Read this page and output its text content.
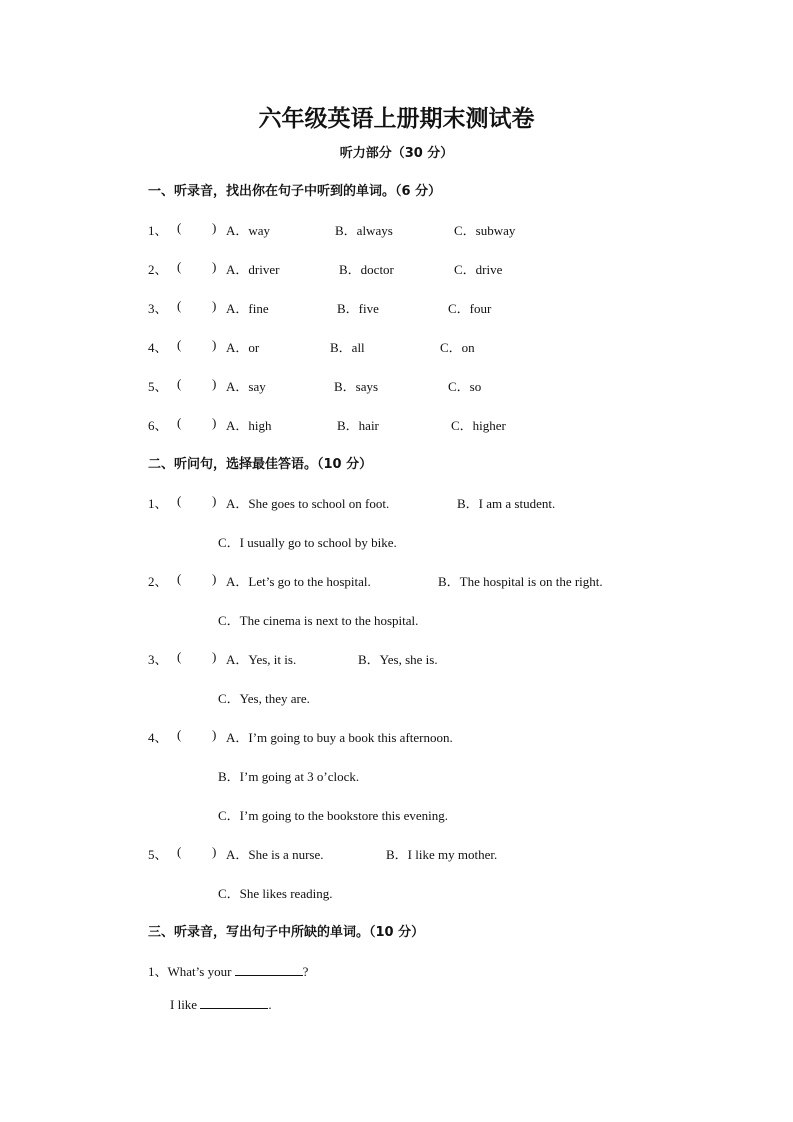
六年级英语上册期末测试卷
听力部分（30 分）
一、听录音，找出你在句子中听到的单词。（6 分）
1、 ( ) A．way	B．always	C．subway
2、 ( ) A．driver	B．doctor	C．drive
3、 ( ) A．fine	B．five	C．four
4、 ( ) A．or	B．all	C．on
5、 ( ) A．say	B．says	C．so
6、 ( ) A．high	B．hair	C．higher
二、听问句，选择最佳答语。（10 分）
1、 ( ) A．She goes to school on foot.	B．I am a student.
C．I usually go to school by bike.
2、 ( ) A．Let’s go to the hospital.	B．The hospital is on the right.
C．The cinema is next to the hospital.
3、 ( ) A．Yes, it is.	B．Yes, she is.
C．Yes, they are.
4、 ( ) A．I’m going to buy a book this afternoon.
B．I’m going at 3 o’clock.
C．I’m going to the bookstore this evening.
5、 ( ) A．She is a nurse.	B．I like my mother.
C．She likes reading.
三、听录音，写出句子中所缺的单词。（10 分）
1、What’s your	?
I like	.
